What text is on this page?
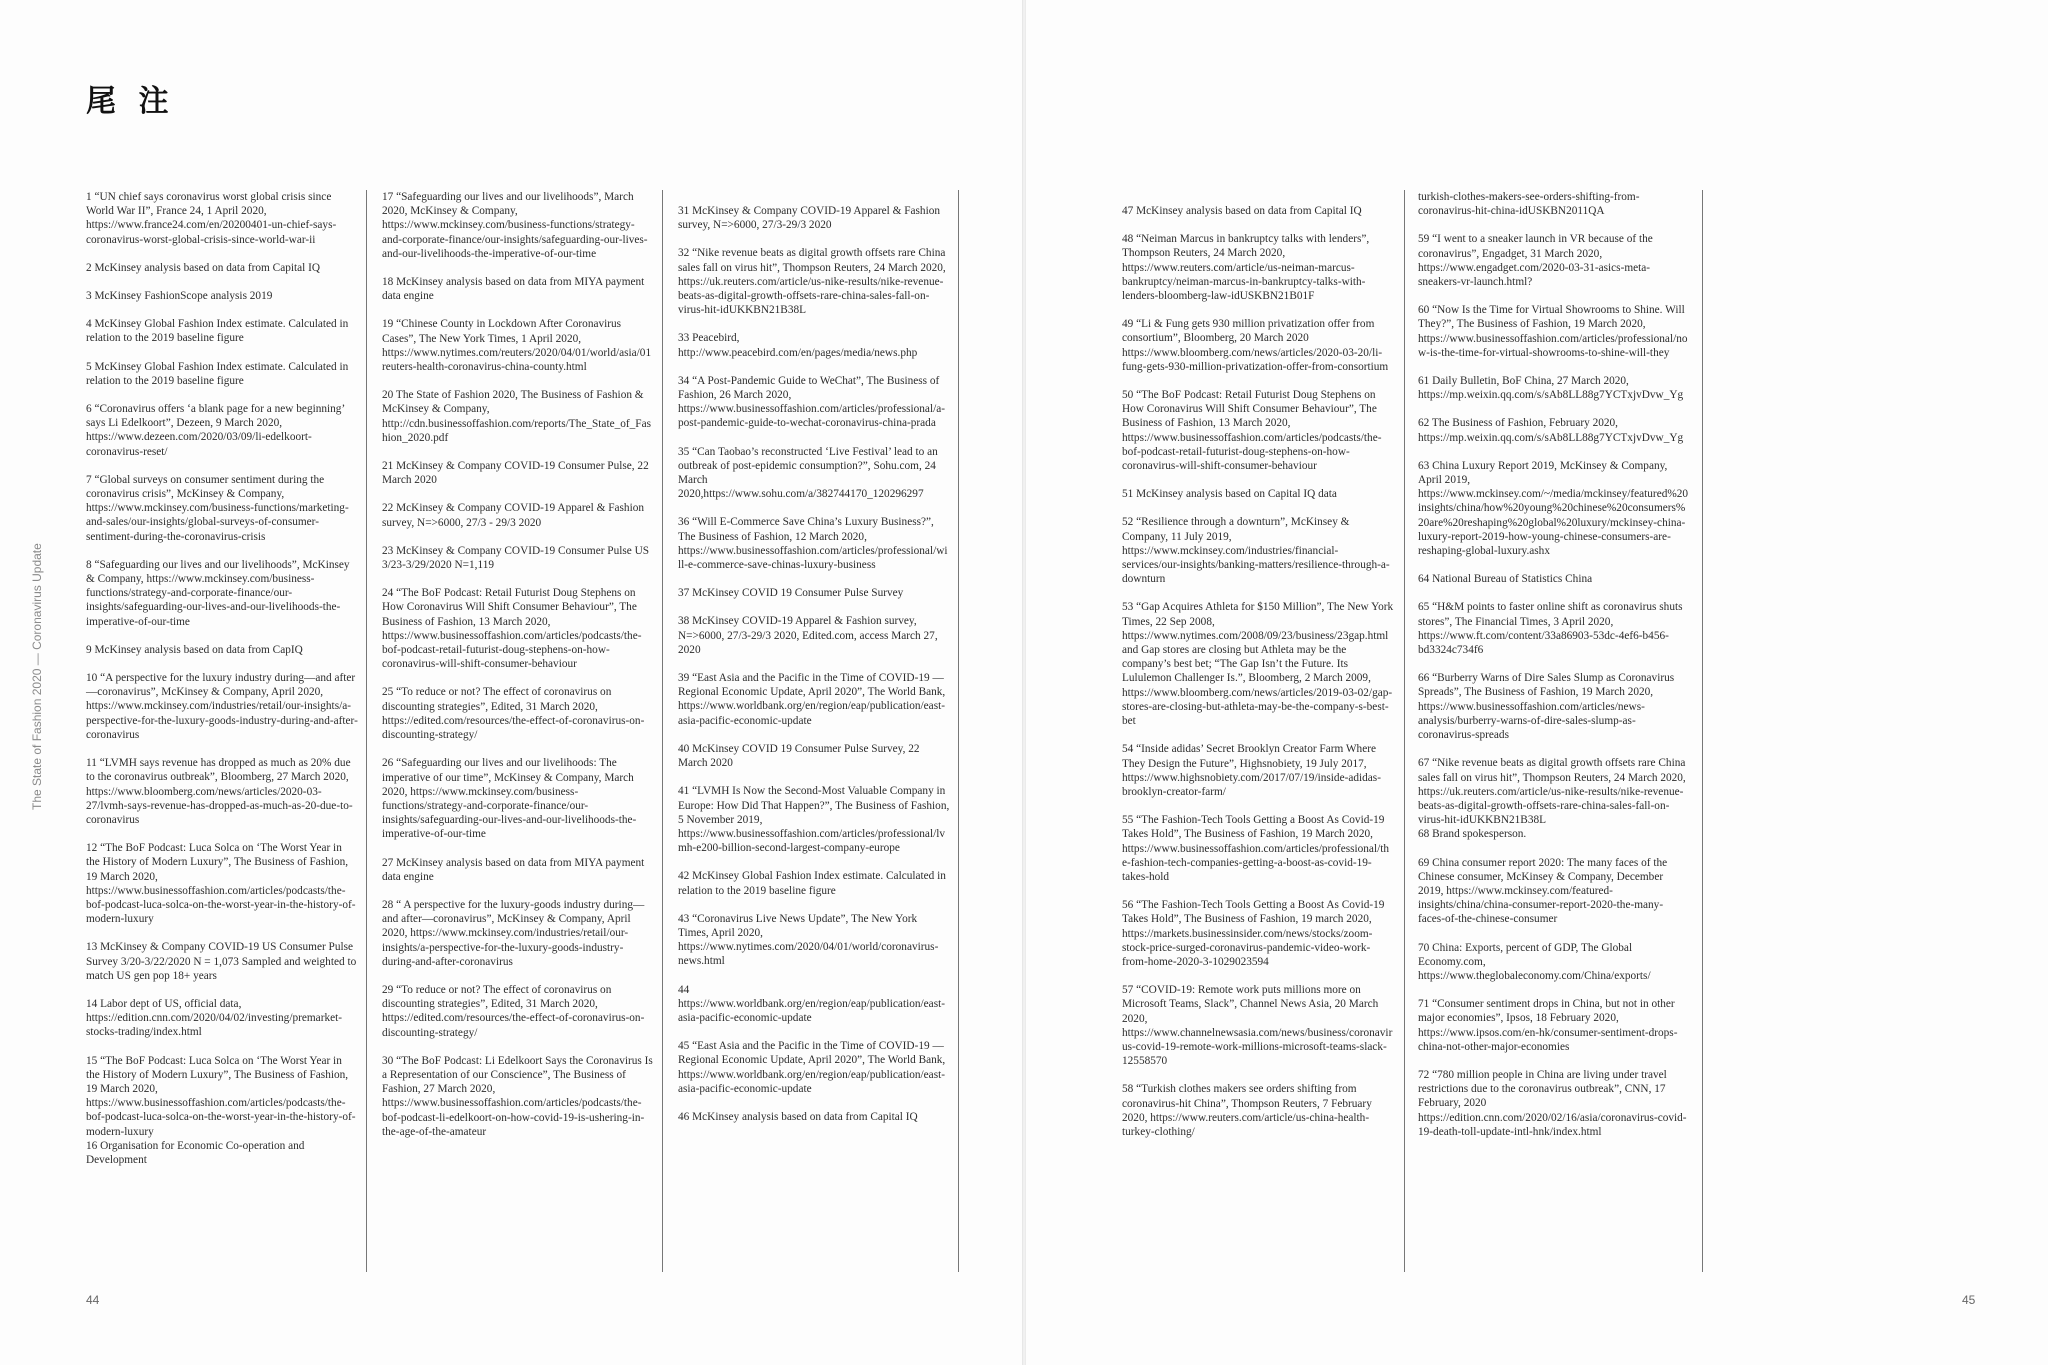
尾 注
The State of Fashion 2020 — Coronavirus Update

1 “UN chief says coronavirus worst global crisis since World War II”, France 24, 1 April 2020, https://www.france24.com/en/20200401-un-chief-says-coronavirus-worst-global-crisis-since-world-war-ii

2 McKinsey analysis based on data from Capital IQ

3 McKinsey FashionScope analysis 2019

4 McKinsey Global Fashion Index estimate. Calculated in relation to the 2019 baseline figure

5 McKinsey Global Fashion Index estimate. Calculated in relation to the 2019 baseline figure

6 “Coronavirus offers ‘a blank page for a new beginning’ says Li Edelkoort”, Dezeen, 9 March 2020, https://www.dezeen.com/2020/03/09/li-edelkoort-coronavirus-reset/

7 “Global surveys on consumer sentiment during the coronavirus crisis”, McKinsey & Company, https://www.mckinsey.com/business-functions/marketing-and-sales/our-insights/global-surveys-of-consumer-sentiment-during-the-coronavirus-crisis

8 “Safeguarding our lives and our livelihoods”, McKinsey & Company, https://www.mckinsey.com/business-functions/strategy-and-corporate-finance/our-insights/safeguarding-our-lives-and-our-livelihoods-the-imperative-of-our-time

9 McKinsey analysis based on data from CapIQ

10 “A perspective for the luxury industry during—and after—coronavirus”, McKinsey & Company, April 2020, https://www.mckinsey.com/industries/retail/our-insights/a-perspective-for-the-luxury-goods-industry-during-and-after-coronavirus

11 “LVMH says revenue has dropped as much as 20% due to the coronavirus outbreak”, Bloomberg, 27 March 2020, https://www.bloomberg.com/news/articles/2020-03-27/lvmh-says-revenue-has-dropped-as-much-as-20-due-to-coronavirus

12 “The BoF Podcast: Luca Solca on ‘The Worst Year in the History of Modern Luxury”, The Business of Fashion, 19 March 2020, https://www.businessoffashion.com/articles/podcasts/the-bof-podcast-luca-solca-on-the-worst-year-in-the-history-of-modern-luxury

13 McKinsey & Company COVID-19 US Consumer Pulse Survey 3/20-3/22/2020 N = 1,073 Sampled and weighted to match US gen pop 18+ years

14 Labor dept of US, official data, https://edition.cnn.com/2020/04/02/investing/premarket-stocks-trading/index.html

15 “The BoF Podcast: Luca Solca on ‘The Worst Year in the History of Modern Luxury”, The Business of Fashion, 19 March 2020, https://www.businessoffashion.com/articles/podcasts/the-bof-podcast-luca-solca-on-the-worst-year-in-the-history-of-modern-luxury
16 Organisation for Economic Co-operation and Development

17 “Safeguarding our lives and our livelihoods”, March 2020, McKinsey & Company, https://www.mckinsey.com/business-functions/strategy-and-corporate-finance/our-insights/safeguarding-our-lives-and-our-livelihoods-the-imperative-of-our-time

18 McKinsey analysis based on data from MIYA payment data engine

19 “Chinese County in Lockdown After Coronavirus Cases”, The New York Times, 1 April 2020, https://www.nytimes.com/reuters/2020/04/01/world/asia/01reuters-health-coronavirus-china-county.html

20 The State of Fashion 2020, The Business of Fashion & McKinsey & Company, http://cdn.businessoffashion.com/reports/The_State_of_Fashion_2020.pdf

21 McKinsey & Company COVID-19 Consumer Pulse, 22 March 2020

22 McKinsey & Company COVID-19 Apparel & Fashion survey, N=>6000, 27/3 - 29/3 2020

23 McKinsey & Company COVID-19 Consumer Pulse US 3/23-3/29/2020 N=1,119

24 “The BoF Podcast: Retail Futurist Doug Stephens on How Coronavirus Will Shift Consumer Behaviour”, The Business of Fashion, 13 March 2020, https://www.businessoffashion.com/articles/podcasts/the-bof-podcast-retail-futurist-doug-stephens-on-how-coronavirus-will-shift-consumer-behaviour

25 “To reduce or not? The effect of coronavirus on discounting strategies”, Edited, 31 March 2020, https://edited.com/resources/the-effect-of-coronavirus-on-discounting-strategy/

26 “Safeguarding our lives and our livelihoods: The imperative of our time”, McKinsey & Company, March 2020, https://www.mckinsey.com/business-functions/strategy-and-corporate-finance/our-insights/safeguarding-our-lives-and-our-livelihoods-the-imperative-of-our-time

27 McKinsey analysis based on data from MIYA payment data engine

28 “ A perspective for the luxury-goods industry during—and after—coronavirus”, McKinsey & Company, April 2020, https://www.mckinsey.com/industries/retail/our-insights/a-perspective-for-the-luxury-goods-industry-during-and-after-coronavirus

29 “To reduce or not? The effect of coronavirus on discounting strategies”, Edited, 31 March 2020, https://edited.com/resources/the-effect-of-coronavirus-on-discounting-strategy/

30 “The BoF Podcast: Li Edelkoort Says the Coronavirus Is a Representation of our Conscience”, The Business of Fashion, 27 March 2020, https://www.businessoffashion.com/articles/podcasts/the-bof-podcast-li-edelkoort-on-how-covid-19-is-ushering-in-the-age-of-the-amateur

31 McKinsey & Company COVID-19 Apparel & Fashion survey, N=>6000, 27/3-29/3 2020

32 “Nike revenue beats as digital growth offsets rare China sales fall on virus hit”, Thompson Reuters, 24 March 2020, https://uk.reuters.com/article/us-nike-results/nike-revenue-beats-as-digital-growth-offsets-rare-china-sales-fall-on-virus-hit-idUKKBN21B38L

33 Peacebird, http://www.peacebird.com/en/pages/media/news.php

34 “A Post-Pandemic Guide to WeChat”, The Business of Fashion, 26 March 2020, https://www.businessoffashion.com/articles/professional/a-post-pandemic-guide-to-wechat-coronavirus-china-prada

35 “Can Taobao’s reconstructed ‘Live Festival’ lead to an outbreak of post-epidemic consumption?”, Sohu.com, 24 March 2020,https://www.sohu.com/a/382744170_120296297

36 “Will E-Commerce Save China’s Luxury Business?”, The Business of Fashion, 12 March 2020, https://www.businessoffashion.com/articles/professional/will-e-commerce-save-chinas-luxury-business

37 McKinsey COVID 19 Consumer Pulse Survey

38 McKinsey COVID-19 Apparel & Fashion survey, N=>6000, 27/3-29/3 2020, Edited.com, access March 27, 2020

39 “East Asia and the Pacific in the Time of COVID-19 — Regional Economic Update, April 2020”, The World Bank, https://www.worldbank.org/en/region/eap/publication/east-asia-pacific-economic-update

40 McKinsey COVID 19 Consumer Pulse Survey, 22 March 2020

41 “LVMH Is Now the Second-Most Valuable Company in Europe: How Did That Happen?”, The Business of Fashion, 5 November 2019, https://www.businessoffashion.com/articles/professional/lvmh-e200-billion-second-largest-company-europe

42 McKinsey Global Fashion Index estimate. Calculated in relation to the 2019 baseline figure

43 “Coronavirus Live News Update”, The New York Times, April 2020, https://www.nytimes.com/2020/04/01/world/coronavirus-news.html

44 https://www.worldbank.org/en/region/eap/publication/east-asia-pacific-economic-update

45 “East Asia and the Pacific in the Time of COVID-19 — Regional Economic Update, April 2020”, The World Bank, https://www.worldbank.org/en/region/eap/publication/east-asia-pacific-economic-update

46 McKinsey analysis based on data from Capital IQ

44

47 McKinsey analysis based on data from Capital IQ

48 “Neiman Marcus in bankruptcy talks with lenders”, Thompson Reuters, 24 March 2020, https://www.reuters.com/article/us-neiman-marcus-bankruptcy/neiman-marcus-in-bankruptcy-talks-with-lenders-bloomberg-law-idUSKBN21B01F

49 “Li & Fung gets 930 million privatization offer from consortium”, Bloomberg, 20 March 2020 https://www.bloomberg.com/news/articles/2020-03-20/li-fung-gets-930-million-privatization-offer-from-consortium

50 “The BoF Podcast: Retail Futurist Doug Stephens on How Coronavirus Will Shift Consumer Behaviour”, The Business of Fashion, 13 March 2020, https://www.businessoffashion.com/articles/podcasts/the-bof-podcast-retail-futurist-doug-stephens-on-how-coronavirus-will-shift-consumer-behaviour

51 McKinsey analysis based on Capital IQ data

52 “Resilience through a downturn”, McKinsey & Company, 11 July 2019, https://www.mckinsey.com/industries/financial-services/our-insights/banking-matters/resilience-through-a-downturn

53 “Gap Acquires Athleta for $150 Million”, The New York Times, 22 Sep 2008, https://www.nytimes.com/2008/09/23/business/23gap.html and Gap stores are closing but Athleta may be the company’s best bet; “The Gap Isn’t the Future. Its Lululemon Challenger Is.”, Bloomberg, 2 March 2009, https://www.bloomberg.com/news/articles/2019-03-02/gap-stores-are-closing-but-athleta-may-be-the-company-s-best-bet

54 “Inside adidas’ Secret Brooklyn Creator Farm Where They Design the Future”, Highsnobiety, 19 July 2017, https://www.highsnobiety.com/2017/07/19/inside-adidas-brooklyn-creator-farm/

55 “The Fashion-Tech Tools Getting a Boost As Covid-19 Takes Hold”, The Business of Fashion, 19 March 2020, https://www.businessoffashion.com/articles/professional/the-fashion-tech-companies-getting-a-boost-as-covid-19-takes-hold

56 “The Fashion-Tech Tools Getting a Boost As Covid-19 Takes Hold”, The Business of Fashion, 19 march 2020, https://markets.businessinsider.com/news/stocks/zoom-stock-price-surged-coronavirus-pandemic-video-work-from-home-2020-3-1029023594

57 “COVID-19: Remote work puts millions more on Microsoft Teams, Slack”, Channel News Asia, 20 March 2020, https://www.channelnewsasia.com/news/business/coronavirus-covid-19-remote-work-millions-microsoft-teams-slack-12558570

58 “Turkish clothes makers see orders shifting from coronavirus-hit China”, Thompson Reuters, 7 February 2020, https://www.reuters.com/article/us-china-health-turkey-clothing/

turkish-clothes-makers-see-orders-shifting-from-coronavirus-hit-china-idUSKBN2011QA

59 “I went to a sneaker launch in VR because of the coronavirus”, Engadget, 31 March 2020, https://www.engadget.com/2020-03-31-asics-meta-sneakers-vr-launch.html?

60 “Now Is the Time for Virtual Showrooms to Shine. Will They?”, The Business of Fashion, 19 March 2020, https://www.businessoffashion.com/articles/professional/now-is-the-time-for-virtual-showrooms-to-shine-will-they

61 Daily Bulletin, BoF China, 27 March 2020, https://mp.weixin.qq.com/s/sAb8LL88g7YCTxjvDvw_Yg

62 The Business of Fashion, February 2020, https://mp.weixin.qq.com/s/sAb8LL88g7YCTxjvDvw_Yg

63 China Luxury Report 2019, McKinsey & Company, April 2019, https://www.mckinsey.com/~/media/mckinsey/featured%20insights/china/how%20young%20chinese%20consumers%20are%20reshaping%20global%20luxury/mckinsey-china-luxury-report-2019-how-young-chinese-consumers-are-reshaping-global-luxury.ashx

64 National Bureau of Statistics China

65 “H&M points to faster online shift as coronavirus shuts stores”, The Financial Times, 3 April 2020, https://www.ft.com/content/33a86903-53dc-4ef6-b456-bd3324c734f6

66 “Burberry Warns of Dire Sales Slump as Coronavirus Spreads”, The Business of Fashion, 19 March 2020, https://www.businessoffashion.com/articles/news-analysis/burberry-warns-of-dire-sales-slump-as-coronavirus-spreads

67 “Nike revenue beats as digital growth offsets rare China sales fall on virus hit”, Thompson Reuters, 24 March 2020, https://uk.reuters.com/article/us-nike-results/nike-revenue-beats-as-digital-growth-offsets-rare-china-sales-fall-on-virus-hit-idUKKBN21B38L
68 Brand spokesperson.

69 China consumer report 2020: The many faces of the Chinese consumer, McKinsey & Company, December 2019, https://www.mckinsey.com/featured-insights/china/china-consumer-report-2020-the-many-faces-of-the-chinese-consumer

70 China: Exports, percent of GDP, The Global Economy.com, https://www.theglobaleconomy.com/China/exports/

71 “Consumer sentiment drops in China, but not in other major economies”, Ipsos, 18 February 2020, https://www.ipsos.com/en-hk/consumer-sentiment-drops-china-not-other-major-economies

72 “780 million people in China are living under travel restrictions due to the coronavirus outbreak”, CNN, 17 February, 2020 https://edition.cnn.com/2020/02/16/asia/coronavirus-covid-19-death-toll-update-intl-hnk/index.html

45
